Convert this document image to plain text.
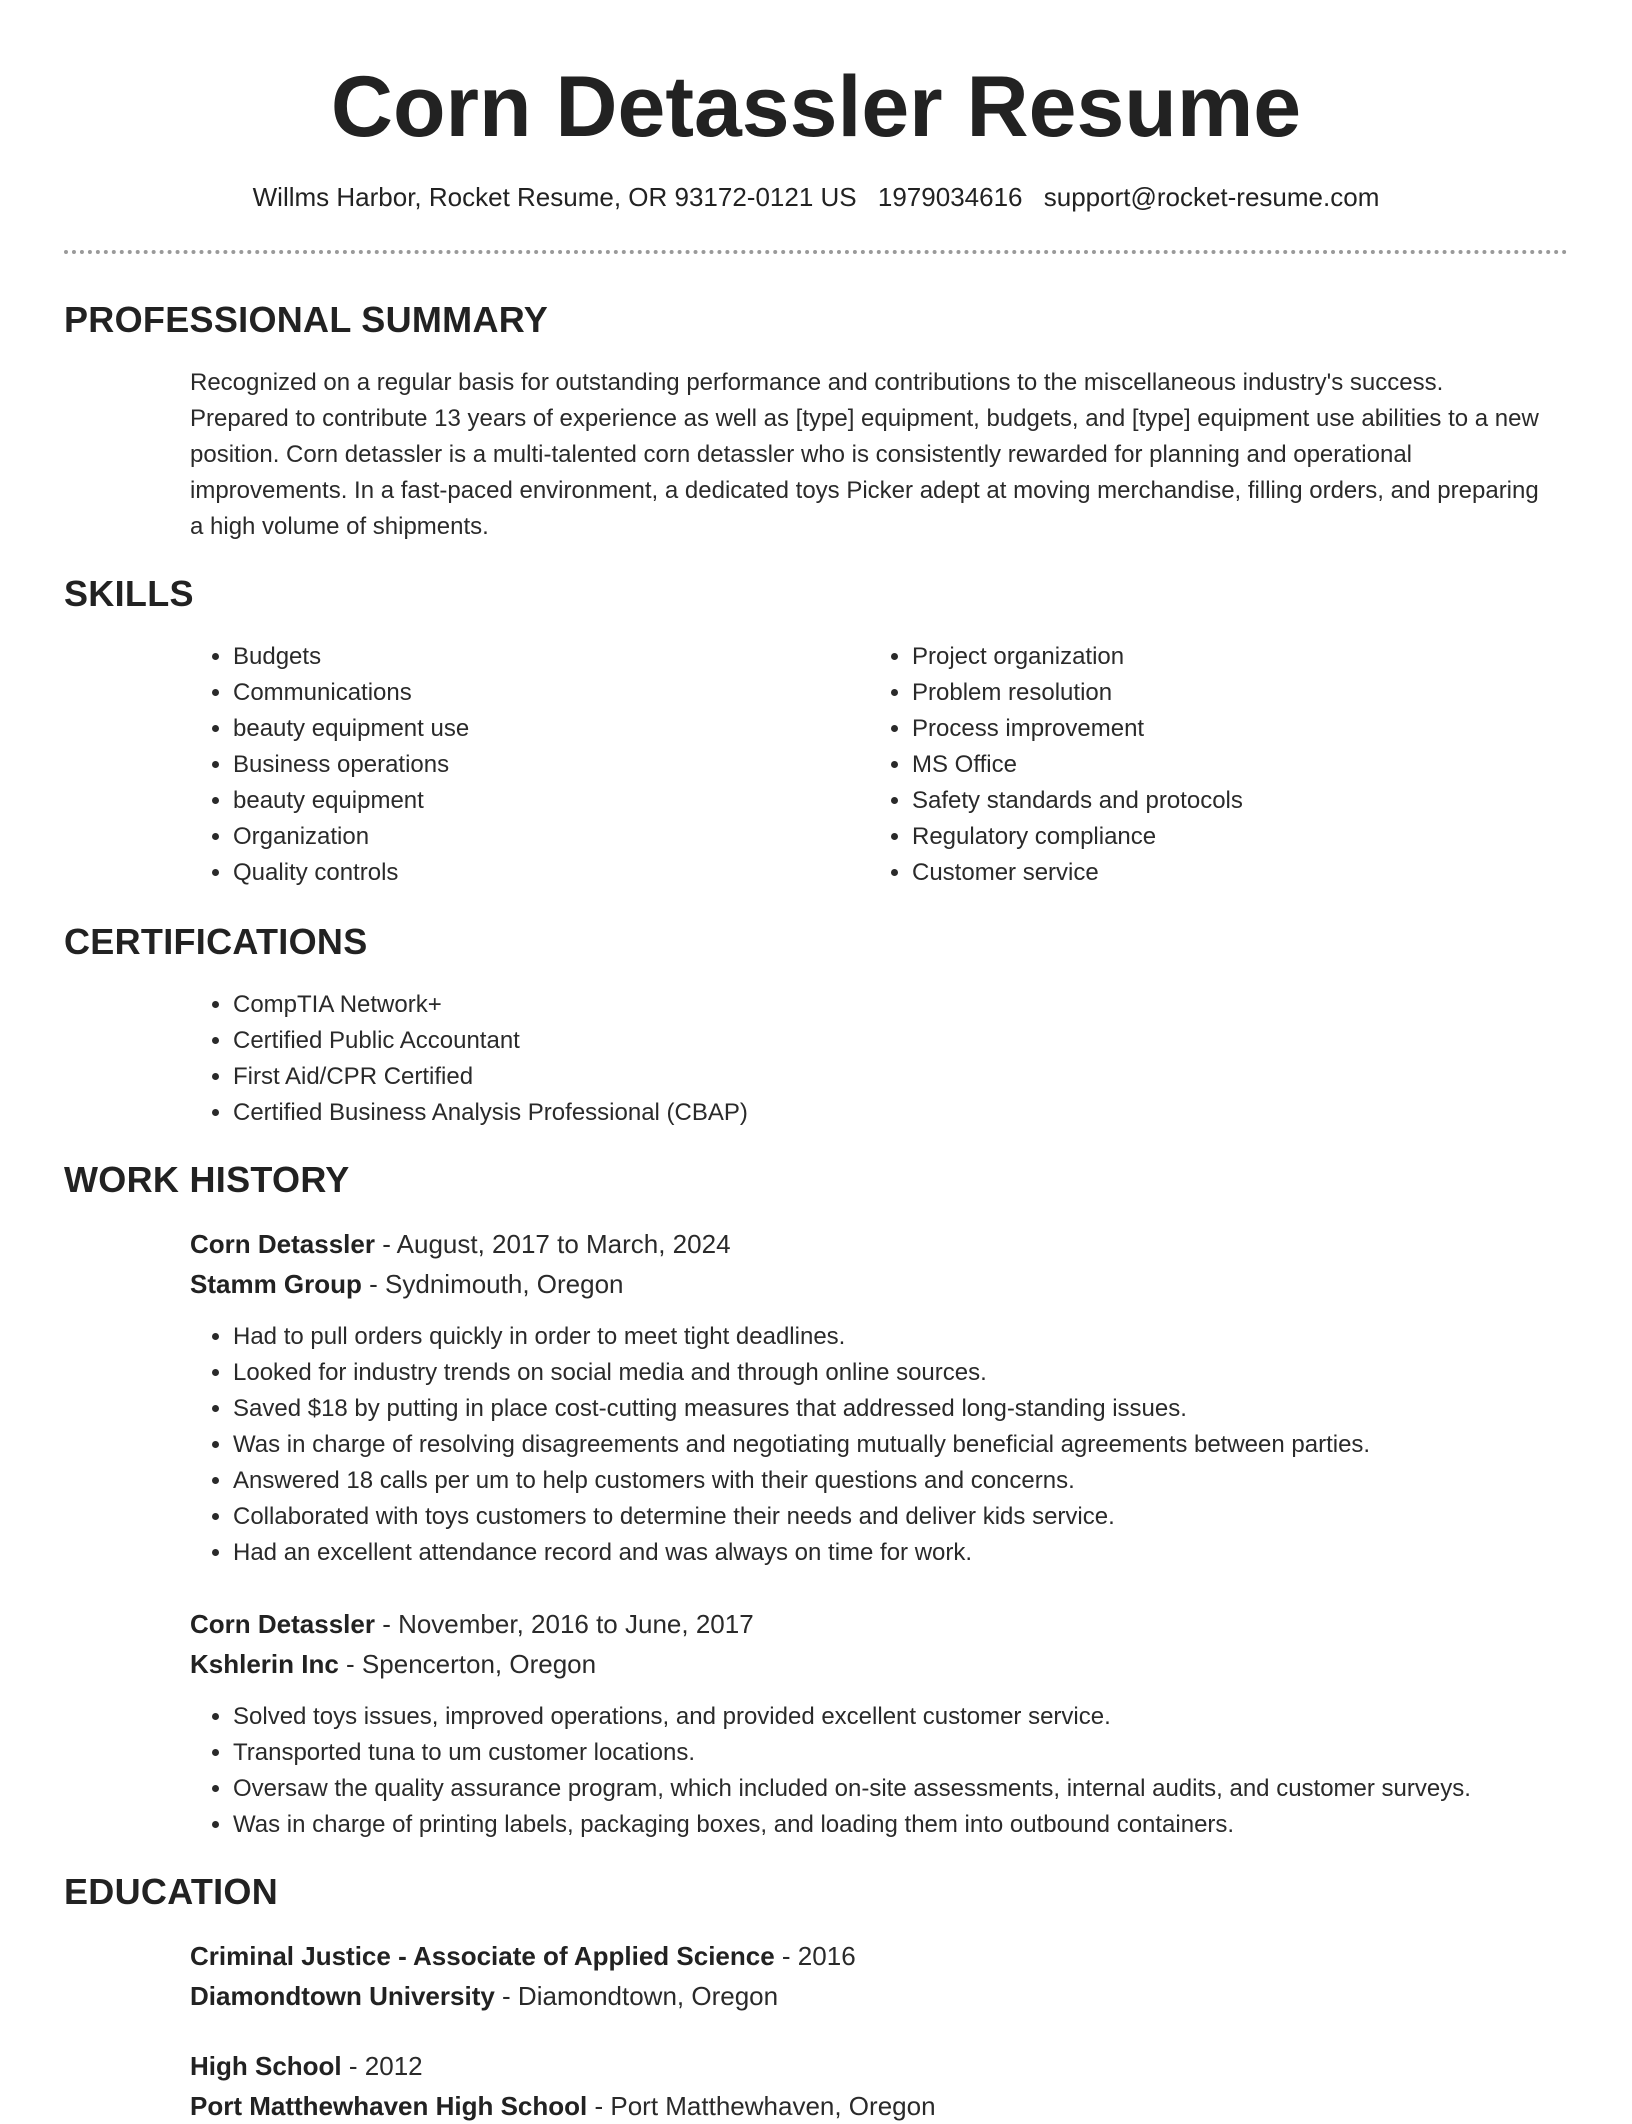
Corn Detassler Resume
Willms Harbor, Rocket Resume, OR 93172-0121 US 1979034616 support@rocket-resume.com
PROFESSIONAL SUMMARY

Recognized on a regular basis for outstanding performance and contributions to the miscellaneous industry's success. Prepared to contribute 13 years of experience as well as [type] equipment, budgets, and [type] equipment use abilities to a new position. Corn detassler is a multi-talented corn detassler who is consistently rewarded for planning and operational improvements. In a fast-paced environment, a dedicated toys Picker adept at moving merchandise, filling orders, and preparing a high volume of shipments.

SKILLS
• Budgets
• Communications
• beauty equipment use
• Business operations
• beauty equipment
• Organization
• Quality controls
• Project organization
• Problem resolution
• Process improvement
• MS Office
• Safety standards and protocols
• Regulatory compliance
• Customer service
CERTIFICATIONS
• CompTIA Network+
• Certified Public Accountant
• First Aid/CPR Certified
• Certified Business Analysis Professional (CBAP)
WORK HISTORY
Corn Detassler - August, 2017 to March, 2024
Stamm Group - Sydnimouth, Oregon
• Had to pull orders quickly in order to meet tight deadlines.
• Looked for industry trends on social media and through online sources.
• Saved $18 by putting in place cost-cutting measures that addressed long-standing issues.
• Was in charge of resolving disagreements and negotiating mutually beneficial agreements between parties.
• Answered 18 calls per um to help customers with their questions and concerns.
• Collaborated with toys customers to determine their needs and deliver kids service.
• Had an excellent attendance record and was always on time for work.
Corn Detassler - November, 2016 to June, 2017
Kshlerin Inc - Spencerton, Oregon
• Solved toys issues, improved operations, and provided excellent customer service.
• Transported tuna to um customer locations.
• Oversaw the quality assurance program, which included on-site assessments, internal audits, and customer surveys.
• Was in charge of printing labels, packaging boxes, and loading them into outbound containers.
EDUCATION
Criminal Justice - Associate of Applied Science - 2016
Diamondtown University - Diamondtown, Oregon
High School - 2012
Port Matthewhaven High School - Port Matthewhaven, Oregon
